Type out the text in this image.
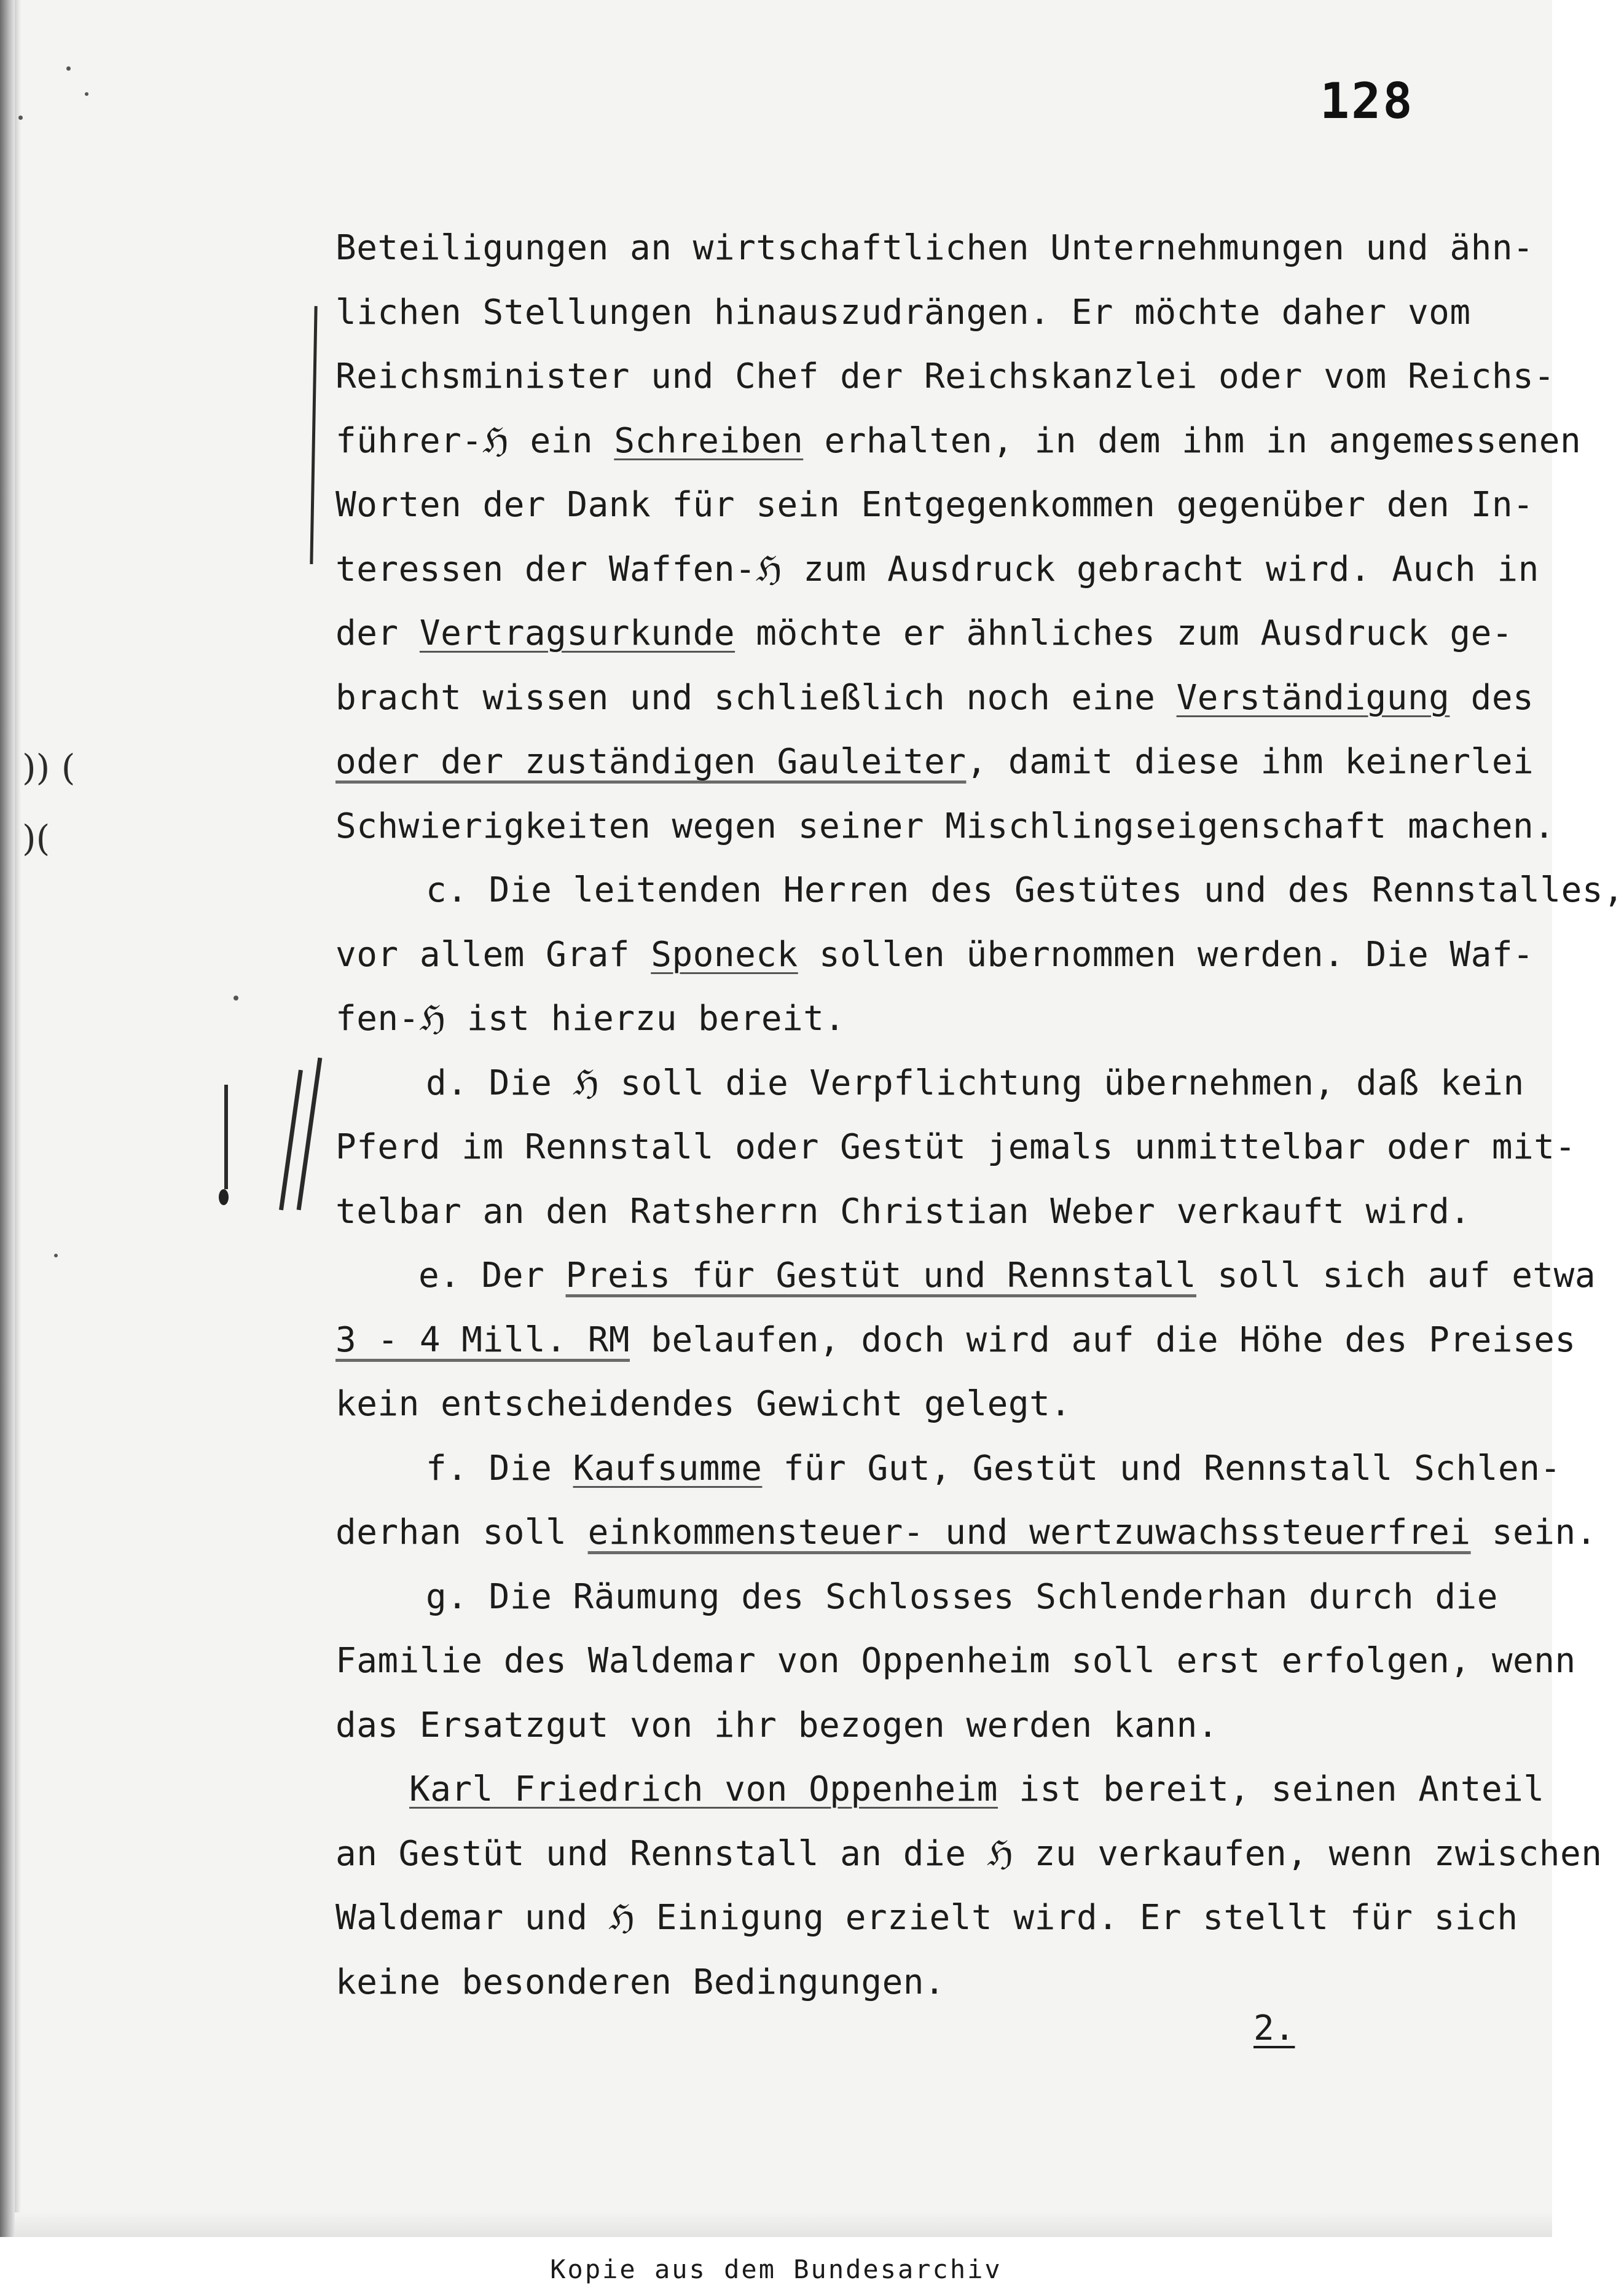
)) (
)(
128
Beteiligungen an wirtschaftlichen Unternehmungen und ähn-
lichen Stellungen hinauszudrängen. Er möchte daher vom
Reichsminister und Chef der Reichskanzlei oder vom Reichs-
führer-ℌ ein Schreiben erhalten, in dem ihm in angemessenen
Worten der Dank für sein Entgegenkommen gegenüber den In-
teressen der Waffen-ℌ zum Ausdruck gebracht wird. Auch in
der Vertragsurkunde möchte er ähnliches zum Ausdruck ge-
bracht wissen und schließlich noch eine Verständigung des
oder der zuständigen Gauleiter, damit diese ihm keinerlei
Schwierigkeiten wegen seiner Mischlingseigenschaft machen.
c. Die leitenden Herren des Gestütes und des Rennstalles,
vor allem Graf Sponeck sollen übernommen werden. Die Waf-
fen-ℌ ist hierzu bereit.
d. Die ℌ soll die Verpflichtung übernehmen, daß kein
Pferd im Rennstall oder Gestüt jemals unmittelbar oder mit-
telbar an den Ratsherrn Christian Weber verkauft wird.
e. Der Preis für Gestüt und Rennstall soll sich auf etwa
3 - 4 Mill. RM belaufen, doch wird auf die Höhe des Preises
kein entscheidendes Gewicht gelegt.
f. Die Kaufsumme für Gut, Gestüt und Rennstall Schlen-
derhan soll einkommensteuer- und wertzuwachssteuerfrei sein.
g. Die Räumung des Schlosses Schlenderhan durch die
Familie des Waldemar von Oppenheim soll erst erfolgen, wenn
das Ersatzgut von ihr bezogen werden kann.
Karl Friedrich von Oppenheim ist bereit, seinen Anteil
an Gestüt und Rennstall an die ℌ zu verkaufen, wenn zwischen
Waldemar und ℌ Einigung erzielt wird. Er stellt für sich
keine besonderen Bedingungen.
2.
Kopie aus dem Bundesarchiv
